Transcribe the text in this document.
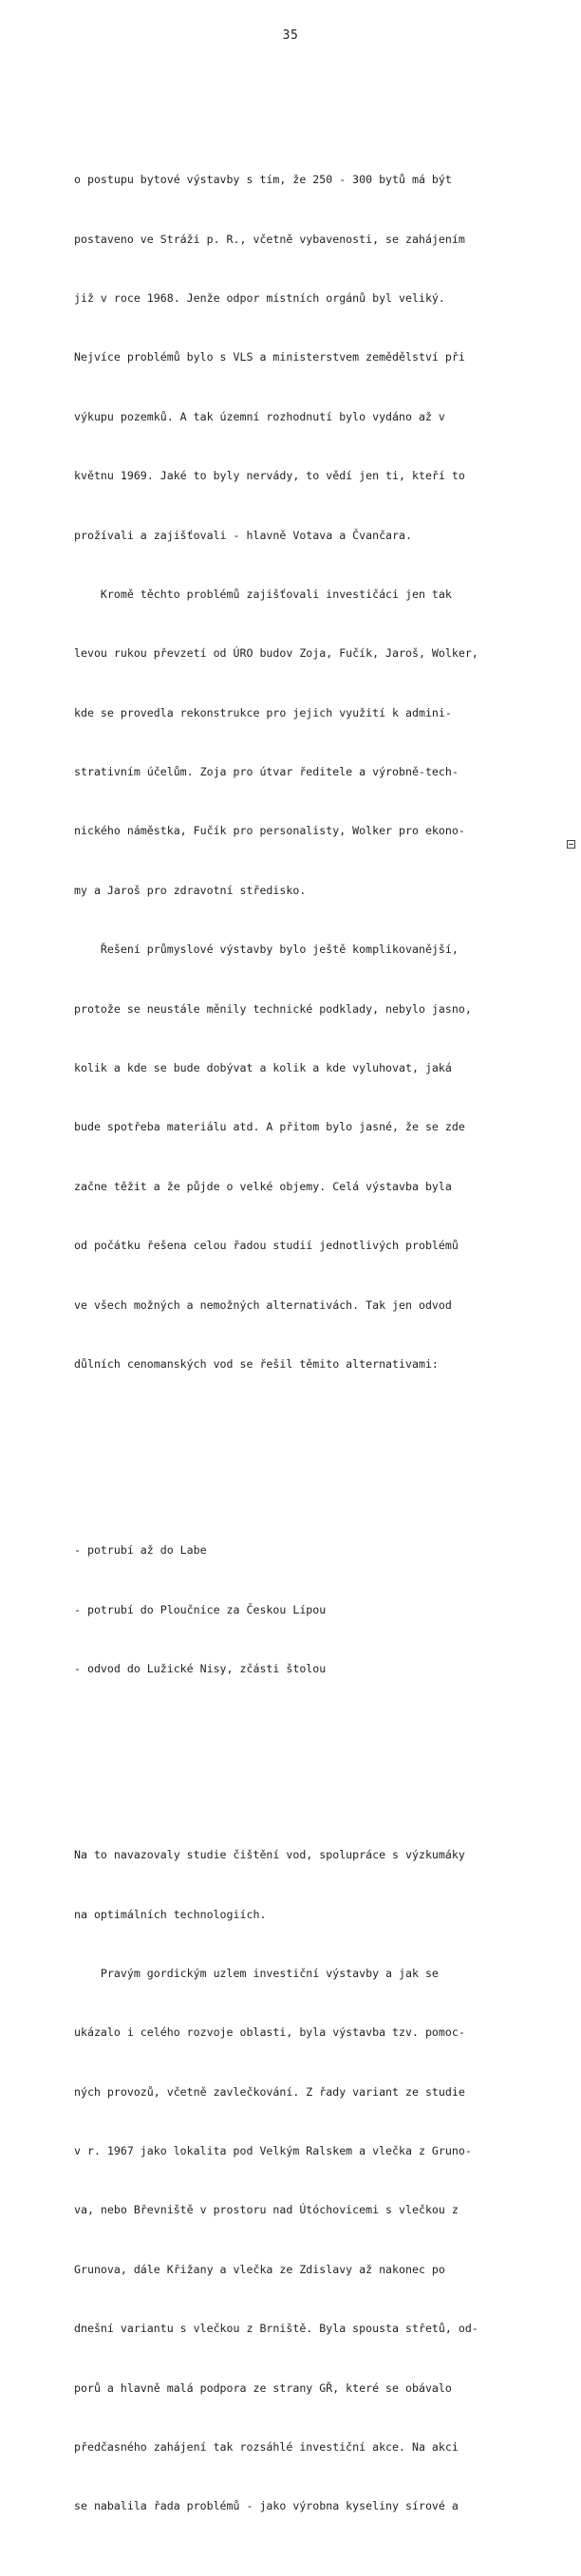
35

o postupu bytové výstavby s tím, že 250 - 300 bytů má být

postaveno ve Stráži p. R., včetně vybavenosti, se zahájením

již v roce 1968. Jenže odpor místních orgánů byl veliký.

Nejvíce problémů bylo s VLS a ministerstvem zemědělství při

výkupu pozemků. A tak územní rozhodnutí bylo vydáno až v

květnu 1969. Jaké to byly nervády, to vědí jen ti, kteří to

prožívali a zajišťovali - hlavně Votava a Čvančara.

Kromě těchto problémů zajišťovali investičáci jen tak

levou rukou převzetí od ÚRO budov Zoja, Fučík, Jaroš, Wolker,

kde se provedla rekonstrukce pro jejich využití k admini-

strativním účelům. Zoja pro útvar ředitele a výrobně-tech-

nického náměstka, Fučík pro personalisty, Wolker pro ekono-

my a Jaroš pro zdravotní středisko.

Řešení průmyslové výstavby bylo ještě komplikovanější,

protože se neustále měnily technické podklady, nebylo jasno,

kolik a kde se bude dobývat a kolik a kde vyluhovat, jaká

bude spotřeba materiálu atd. A přitom bylo jasné, že se zde

začne těžit a že půjde o velké objemy. Celá výstavba byla

od počátku řešena celou řadou studií jednotlivých problémů

ve všech možných a nemožných alternativách. Tak jen odvod

důlních cenomanských vod se řešil těmito alternativami:

- potrubí až do Labe

- potrubí do Ploučnice za Českou Lípou

- odvod do Lužické Nisy, zčásti štolou

Na to navazovaly studie čištění vod, spolupráce s výzkumáky

na optimálních technologiích.

Pravým gordickým uzlem investiční výstavby a jak se

ukázalo i celého rozvoje oblasti, byla výstavba tzv. pomoc-

ných provozů, včetně zavlečkování. Z řady variant ze studie

v r. 1967 jako lokalita pod Velkým Ralskem a vlečka z Gruno-

va, nebo Břevniště v prostoru nad Útóchovicemi s vlečkou z

Grunova, dále Křižany a vlečka ze Zdislavy až nakonec po

dnešní variantu s vlečkou z Brniště. Byla spousta střetů, od-

porů a hlavně malá podpora ze strany GŘ, které se obávalo

předčasného zahájení tak rozsáhlé investiční akce. Na akci

se nabalila řada problémů - jako výrobna kyseliny sírové a
